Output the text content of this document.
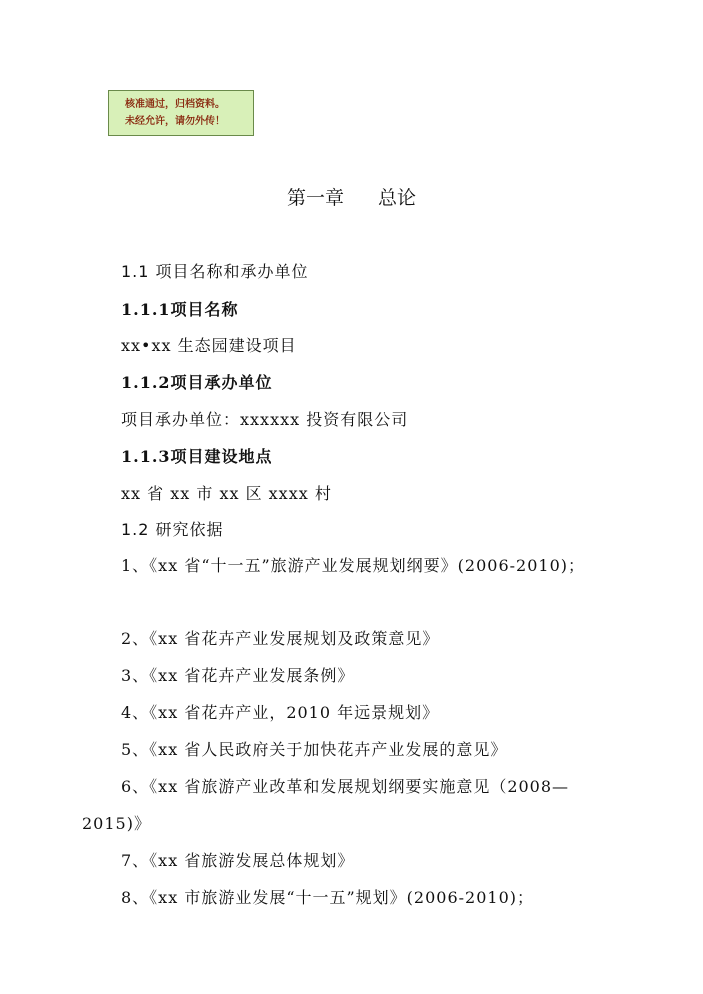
核准通过，归档资料。
未经允许，请勿外传！
第一章 总论
1.1 项目名称和承办单位
1.1.1项目名称
xx•xx 生态园建设项目
1.1.2项目承办单位
项目承办单位：xxxxxx 投资有限公司
1.1.3项目建设地点
xx 省 xx 市 xx 区 xxxx 村
1.2 研究依据
1、《xx 省“十一五”旅游产业发展规划纲要》(2006-2010)；
2、《xx 省花卉产业发展规划及政策意见》
3、《xx 省花卉产业发展条例》
4、《xx 省花卉产业，2010 年远景规划》
5、《xx 省人民政府关于加快花卉产业发展的意见》
6、《xx 省旅游产业改革和发展规划纲要实施意见（2008—
2015)》
7、《xx 省旅游发展总体规划》
8、《xx 市旅游业发展“十一五”规划》(2006-2010)；
